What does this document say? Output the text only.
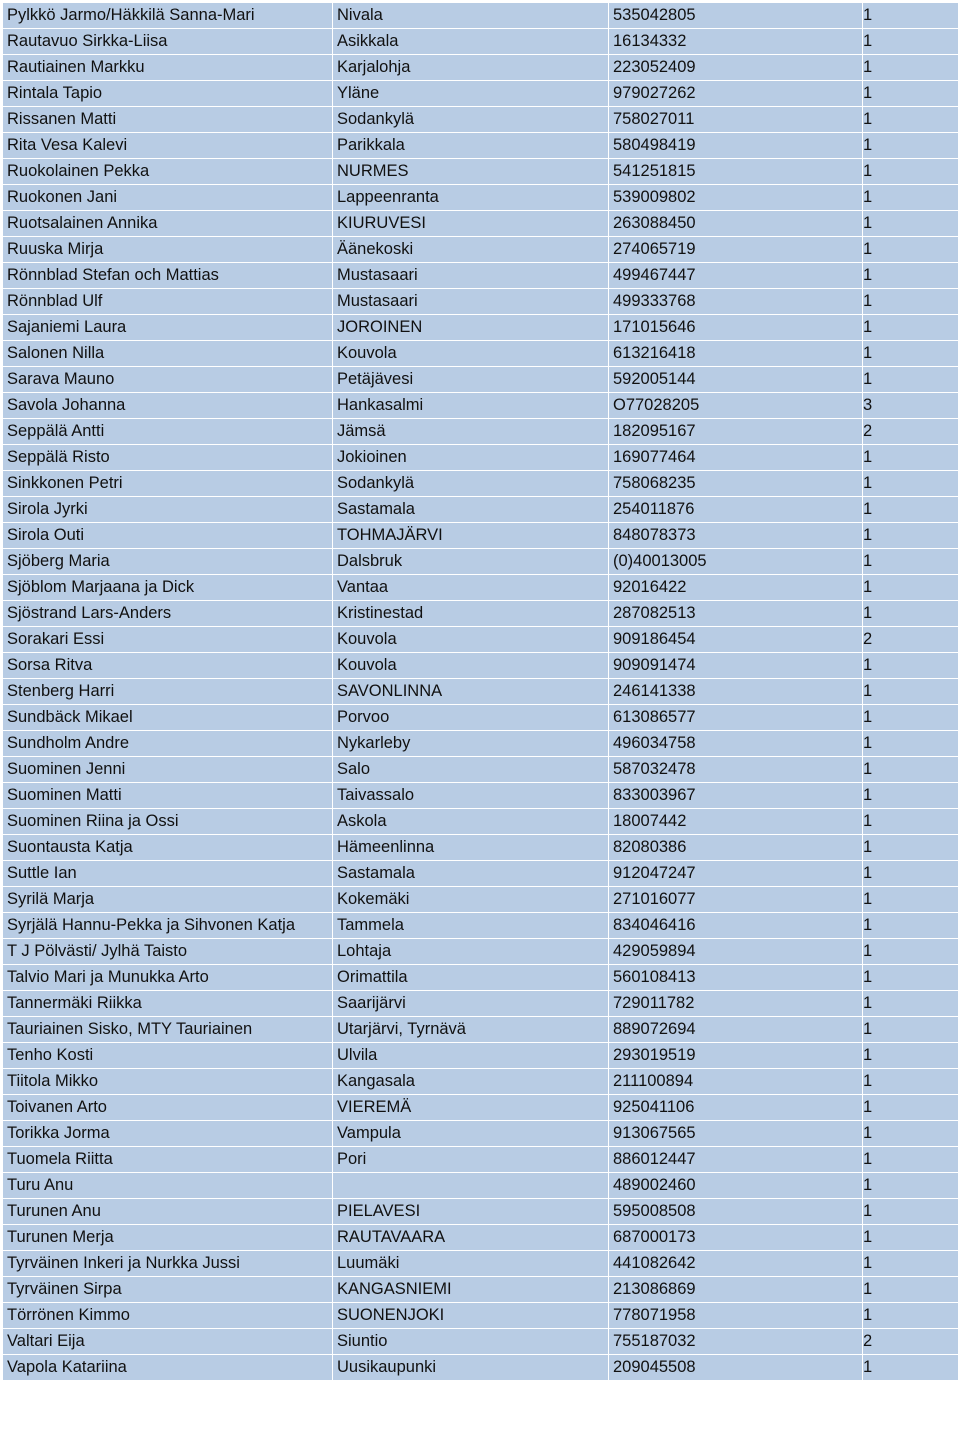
Pylkkö Jarmo/Häkkilä Sanna-Mari	Nivala	535042805	1
Rautavuo Sirkka-Liisa	Asikkala	16134332	1
Rautiainen Markku	Karjalohja	223052409	1
Rintala Tapio	Yläne	979027262	1
Rissanen Matti	Sodankylä	758027011	1
Rita Vesa Kalevi	Parikkala	580498419	1
Ruokolainen Pekka	NURMES	541251815	1
Ruokonen Jani	Lappeenranta	539009802	1
Ruotsalainen Annika	KIURUVESI	263088450	1
Ruuska Mirja	Äänekoski	274065719	1
Rönnblad Stefan och Mattias	Mustasaari	499467447	1
Rönnblad Ulf	Mustasaari	499333768	1
Sajaniemi Laura	JOROINEN	171015646	1
Salonen Nilla	Kouvola	613216418	1
Sarava Mauno	Petäjävesi	592005144	1
Savola Johanna	Hankasalmi	O77028205	3
Seppälä Antti	Jämsä	182095167	2
Seppälä Risto	Jokioinen	169077464	1
Sinkkonen Petri	Sodankylä	758068235	1
Sirola Jyrki	Sastamala	254011876	1
Sirola Outi	TOHMAJÄRVI	848078373	1
Sjöberg Maria	Dalsbruk	(0)40013005	1
Sjöblom Marjaana ja Dick	Vantaa	92016422	1
Sjöstrand Lars-Anders	Kristinestad	287082513	1
Sorakari Essi	Kouvola	909186454	2
Sorsa Ritva	Kouvola	909091474	1
Stenberg Harri	SAVONLINNA	246141338	1
Sundbäck Mikael	Porvoo	613086577	1
Sundholm Andre	Nykarleby	496034758	1
Suominen Jenni	Salo	587032478	1
Suominen Matti	Taivassalo	833003967	1
Suominen Riina ja Ossi	Askola	18007442	1
Suontausta Katja	Hämeenlinna	82080386	1
Suttle Ian	Sastamala	912047247	1
Syrilä Marja	Kokemäki	271016077	1
Syrjälä Hannu-Pekka ja Sihvonen Katja	Tammela	834046416	1
T J Pölvästi/ Jylhä Taisto	Lohtaja	429059894	1
Talvio Mari ja Munukka Arto	Orimattila	560108413	1
Tannermäki Riikka	Saarijärvi	729011782	1
Tauriainen Sisko, MTY Tauriainen	Utarjärvi, Tyrnävä	889072694	1
Tenho Kosti	Ulvila	293019519	1
Tiitola Mikko	Kangasala	211100894	1
Toivanen Arto	VIEREMÄ	925041106	1
Torikka Jorma	Vampula	913067565	1
Tuomela Riitta	Pori	886012447	1
Turu Anu		489002460	1
Turunen Anu	PIELAVESI	595008508	1
Turunen Merja	RAUTAVAARA	687000173	1
Tyrväinen Inkeri ja Nurkka Jussi	Luumäki	441082642	1
Tyrväinen Sirpa	KANGASNIEMI	213086869	1
Törrönen Kimmo	SUONENJOKI	778071958	1
Valtari Eija	Siuntio	755187032	2
Vapola Katariina	Uusikaupunki	209045508	1
